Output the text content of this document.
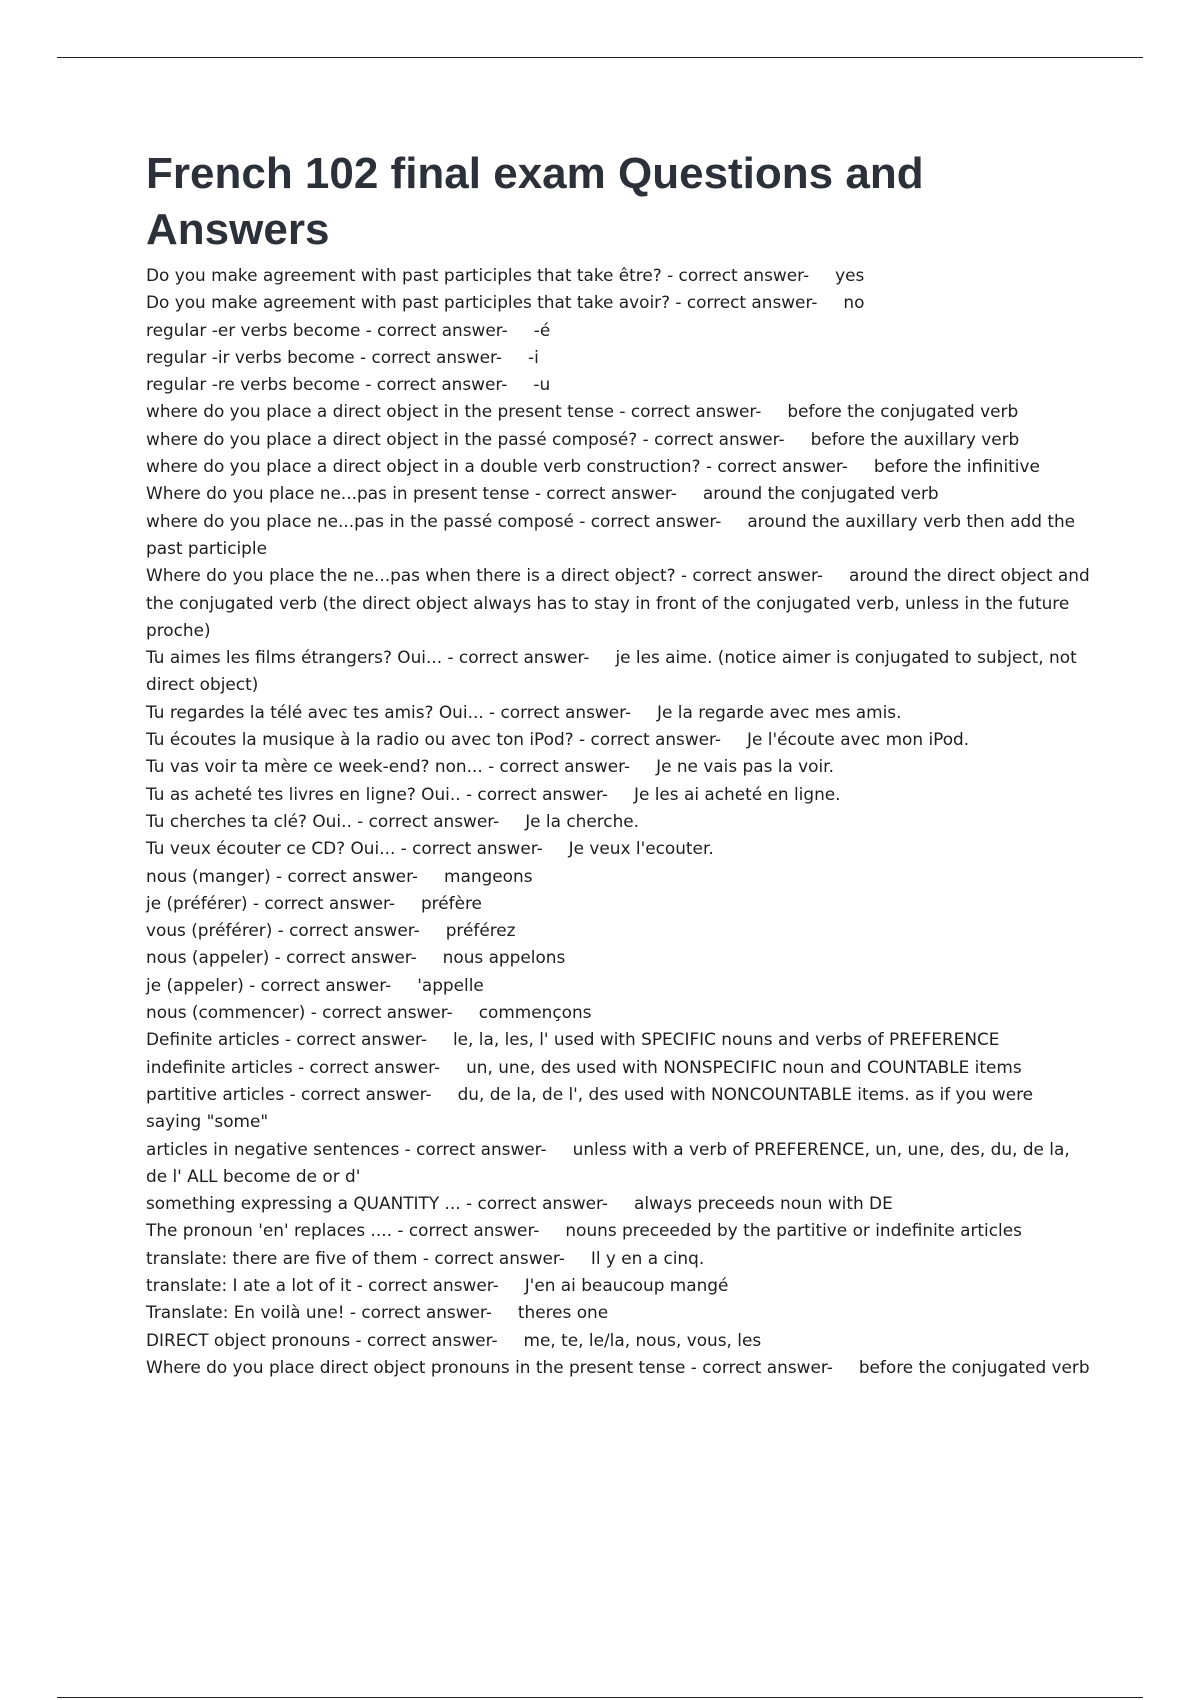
French 102 final exam Questions and Answers

Do you make agreement with past participles that take être? - correct answer- yes

Do you make agreement with past participles that take avoir? - correct answer- no

regular -er verbs become - correct answer- -é

regular -ir verbs become - correct answer- -i

regular -re verbs become - correct answer- -u

where do you place a direct object in the present tense - correct answer- before the conjugated verb

where do you place a direct object in the passé composé? - correct answer- before the auxillary verb

where do you place a direct object in a double verb construction? - correct answer- before the infinitive

Where do you place ne...pas in present tense - correct answer- around the conjugated verb

where do you place ne...pas in the passé composé - correct answer- around the auxillary verb then add the past participle

Where do you place the ne...pas when there is a direct object? - correct answer- around the direct object and the conjugated verb (the direct object always has to stay in front of the conjugated verb, unless in the future proche)

Tu aimes les films étrangers? Oui... - correct answer- je les aime. (notice aimer is conjugated to subject, not direct object)

Tu regardes la télé avec tes amis? Oui... - correct answer- Je la regarde avec mes amis.

Tu écoutes la musique à la radio ou avec ton iPod? - correct answer- Je l'écoute avec mon iPod.

Tu vas voir ta mère ce week-end? non... - correct answer- Je ne vais pas la voir.

Tu as acheté tes livres en ligne? Oui.. - correct answer- Je les ai acheté en ligne.

Tu cherches ta clé? Oui.. - correct answer- Je la cherche.

Tu veux écouter ce CD? Oui... - correct answer- Je veux l'ecouter.

nous (manger) - correct answer- mangeons

je (préférer) - correct answer- préfère

vous (préférer) - correct answer- préférez

nous (appeler) - correct answer- nous appelons

je (appeler) - correct answer- 'appelle

nous (commencer) - correct answer- commençons

Definite articles - correct answer- le, la, les, l' used with SPECIFIC nouns and verbs of PREFERENCE

indefinite articles - correct answer- un, une, des used with NONSPECIFIC noun and COUNTABLE items

partitive articles - correct answer- du, de la, de l', des used with NONCOUNTABLE items. as if you were saying "some"

articles in negative sentences - correct answer- unless with a verb of PREFERENCE, un, une, des, du, de la, de l' ALL become de or d'

something expressing a QUANTITY ... - correct answer- always preceeds noun with DE

The pronoun 'en' replaces .... - correct answer- nouns preceeded by the partitive or indefinite articles

translate: there are five of them - correct answer- Il y en a cinq.

translate: I ate a lot of it - correct answer- J'en ai beaucoup mangé

Translate: En voilà une! - correct answer- theres one

DIRECT object pronouns - correct answer- me, te, le/la, nous, vous, les

Where do you place direct object pronouns in the present tense - correct answer- before the conjugated verb
